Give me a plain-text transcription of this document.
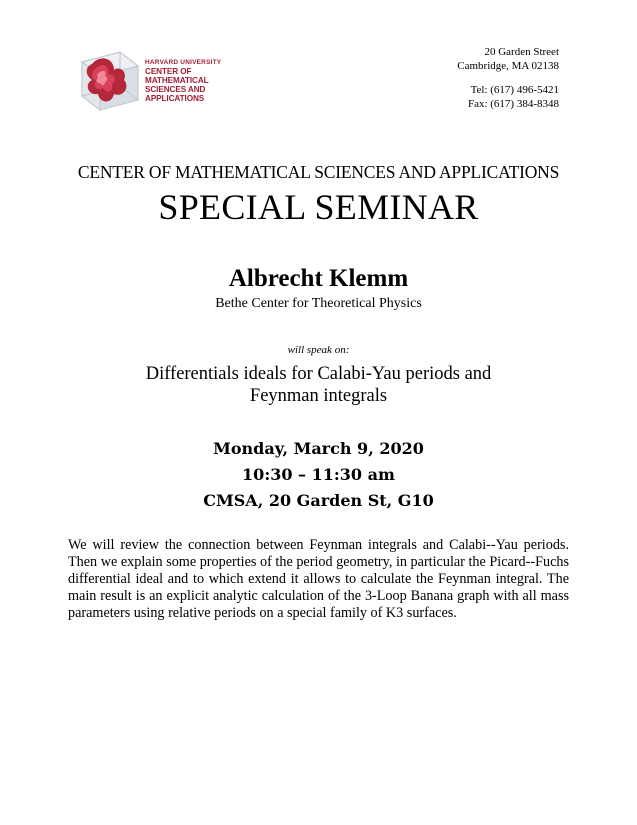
HARVARD UNIVERSITY
CENTER OF MATHEMATICAL
SCIENCES AND APPLICATIONS
20 Garden Street
Cambridge, MA 02138
Tel: (617) 496-5421
Fax: (617) 384-8348
CENTER OF MATHEMATICAL SCIENCES AND APPLICATIONS
SPECIAL SEMINAR
Albrecht Klemm
Bethe Center for Theoretical Physics
will speak on:
Differentials ideals for Calabi-Yau periods and
Feynman integrals
Monday, March 9, 2020
10:30 – 11:30 am
CMSA, 20 Garden St, G10
We will review the connection between Feynman integrals and Calabi--Yau periods. Then we explain some properties of the period geometry, in particular the Picard--Fuchs differential ideal and to which extend it allows to calculate the Feynman integral. The main result is an explicit analytic calculation of the 3-Loop Banana graph with all mass parameters using relative periods on a special family of K3 surfaces.
